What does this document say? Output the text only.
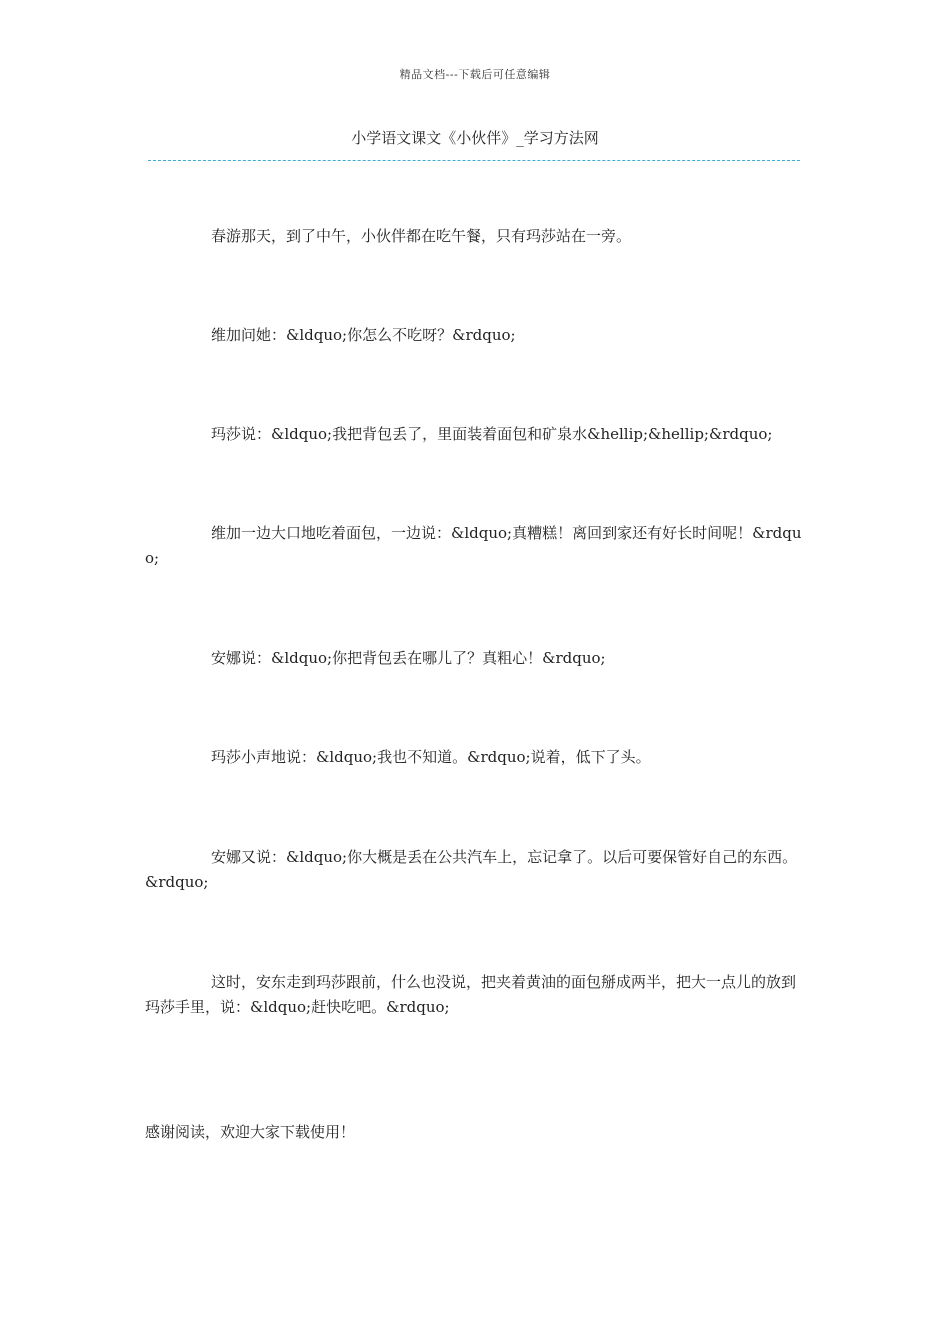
精品文档---下载后可任意编辑
小学语文课文《小伙伴》_学习方法网

春游那天，到了中午，小伙伴都在吃午餐，只有玛莎站在一旁。

维加问她：&ldquo;你怎么不吃呀？&rdquo;

玛莎说：&ldquo;我把背包丢了，里面装着面包和矿泉水&hellip;&hellip;&rdquo;

维加一边大口地吃着面包，一边说：&ldquo;真糟糕！离回到家还有好长时间呢！&rdquo;

安娜说：&ldquo;你把背包丢在哪儿了？真粗心！&rdquo;

玛莎小声地说：&ldquo;我也不知道。&rdquo;说着，低下了头。

安娜又说：&ldquo;你大概是丢在公共汽车上，忘记拿了。以后可要保管好自己的东西。&rdquo;

这时，安东走到玛莎跟前，什么也没说，把夹着黄油的面包掰成两半，把大一点儿的放到玛莎手里，说：&ldquo;赶快吃吧。&rdquo;

感谢阅读，欢迎大家下载使用！
